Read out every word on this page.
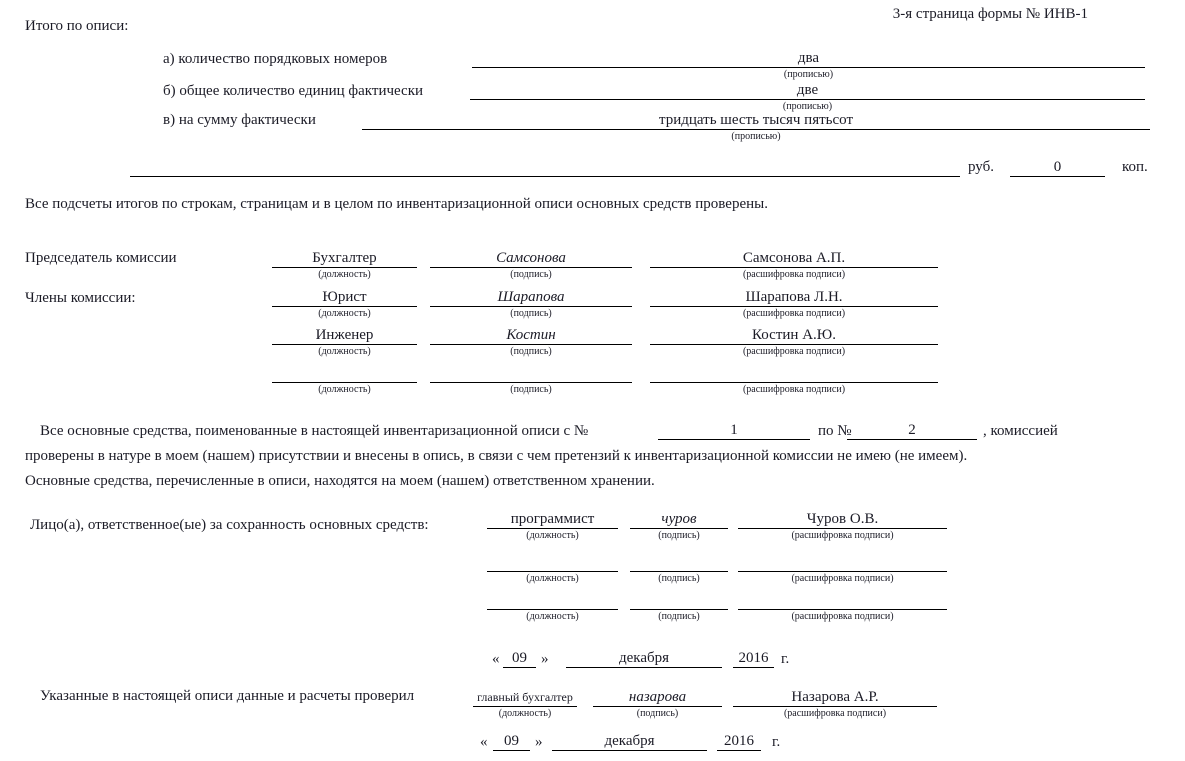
3-я страница формы № ИНВ-1
Итого по описи:
а) количество порядковых номеров	два
(прописью)
б) общее количество единиц фактически	две
(прописью)
в) на сумму фактически	тридцать шесть тысяч пятьсот
(прописью)
руб.	0	коп.
Все подсчеты итогов по строкам, страницам и в целом по инвентаризационной описи основных средств проверены.
Председатель комиссии
Члены комиссии:
Бухгалтер	Самсонова	Самсонова А.П.
(должность)	(подпись)	(расшифровка подписи)
Юрист	Шарапова	Шарапова Л.Н.
(должность)	(подпись)	(расшифровка подписи)
Инженер	Костин	Костин А.Ю.
(должность)	(подпись)	(расшифровка подписи)
(должность)	(подпись)	(расшифровка подписи)
Все основные средства, поименованные в настоящей инвентаризационной описи с №	1	по №	2	, комиссией
проверены в натуре в моем (нашем) присутствии и внесены в опись, в связи с чем претензий к инвентаризационной комиссии не имею (не имеем).
Основные средства, перечисленные в описи, находятся на моем (нашем) ответственном хранении.
Лицо(а), ответственное(ые) за сохранность основных средств:	программист	чуров	Чуров О.В.
(должность)	(подпись)	(расшифровка подписи)
(должность)	(подпись)	(расшифровка подписи)
(должность)	(подпись)	(расшифровка подписи)
« 09 »	декабря	2016 г.
Указанные в настоящей описи данные и расчеты проверил	главный бухгалтер	назарова	Назарова А.Р.
(должность)	(подпись)	(расшифровка подписи)
«	09	»	декабря	2016	г.
